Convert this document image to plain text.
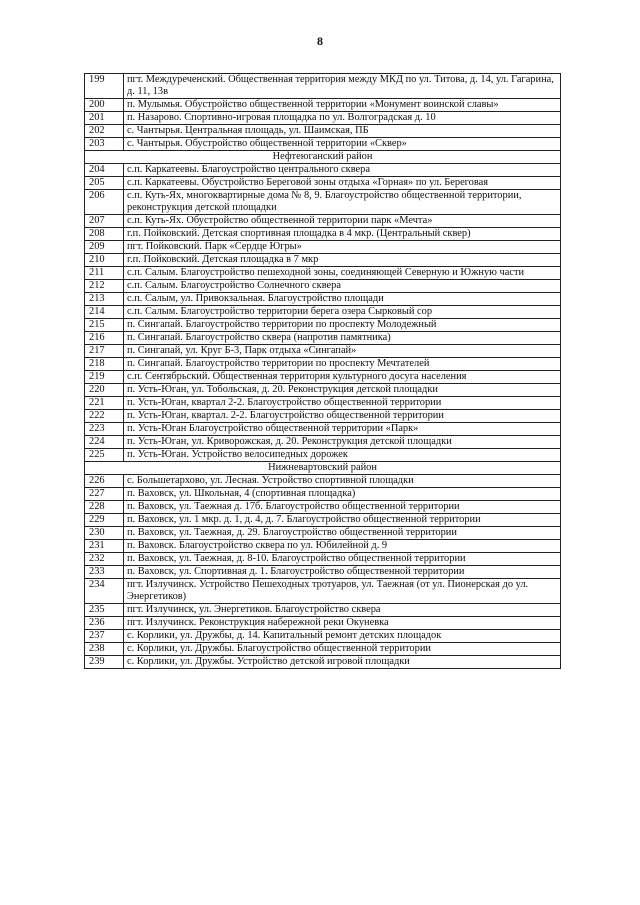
8
199	пгт. Междуреченский. Общественная территория между МКД по ул. Титова, д. 14, ул. Гагарина, д. 11, 13в
200	п. Мулымья. Обустройство общественной территории «Монумент воинской славы»
201	п. Назарово. Спортивно-игровая площадка по ул. Волгоградская д. 10
202	с. Чантырья. Центральная площадь, ул. Шаимская, ПБ
203	с. Чантырья. Обустройство общественной территории «Сквер»
Нефтеюганский район	
204	с.п. Каркатеевы. Благоустройство центрального сквера
205	с.п. Каркатеевы. Обустройство Береговой зоны отдыха «Горная» по ул. Береговая
206	с.п. Куть-Ях, многоквартирные дома № 8, 9. Благоустройство общественной территории, реконструкция детской площадки
207	с.п. Куть-Ях. Обустройство общественной территории парк «Мечта»
208	г.п. Пойковский. Детская спортивная площадка в 4 мкр. (Центральный сквер)
209	пгт. Пойковский. Парк «Сердце Югры»
210	г.п. Пойковский. Детская площадка в 7 мкр
211	с.п. Салым. Благоустройство пешеходной зоны, соединяющей Северную и Южную части
212	с.п. Салым. Благоустройство Солнечного сквера
213	с.п. Салым, ул. Привокзальная. Благоустройство площади
214	с.п. Салым. Благоустройство территории берега озера Сырковый сор
215	п. Сингапай. Благоустройство территории по проспекту Молодежный
216	п. Сингапай. Благоустройство сквера (напротив памятника)
217	п. Сингапай, ул. Круг Б-3, Парк отдыха «Сингапай»
218	п. Сингапай. Благоустройство территории по проспекту Мечтателей
219	с.п. Сентябрьский. Общественная территория культурного досуга населения
220	п. Усть-Юган, ул. Тобольская, д. 20. Реконструкция детской площадки
221	п. Усть-Юган, квартал 2-2. Благоустройство общественной территории
222	п. Усть-Юган, квартал. 2-2. Благоустройство общественной территории
223	п. Усть-Юган Благоустройство общественной территории «Парк»
224	п. Усть-Юган, ул. Криворожская, д. 20. Реконструкция детской площадки
225	п. Усть-Юган. Устройство велосипедных дорожек
Нижневартовский район	
226	с. Большетархово, ул. Лесная. Устройство спортивной площадки
227	п. Ваховск, ул. Школьная, 4 (спортивная площадка)
228	п. Ваховск, ул. Таежная д. 17б. Благоустройство общественной территории
229	п. Ваховск, ул. 1 мкр. д. 1, д. 4, д. 7. Благоустройство общественной территории
230	п. Ваховск, ул. Таежная, д. 29. Благоустройство общественной территории
231	п. Ваховск. Благоустройство сквера по ул. Юбилейной д. 9
232	п. Ваховск, ул. Таежная, д. 8-10. Благоустройство общественной территории
233	п. Ваховск, ул. Спортивная д. 1. Благоустройство общественной территории
234	пгт. Излучинск. Устройство Пешеходных тротуаров, ул. Таежная (от ул. Пионерская до ул. Энергетиков)
235	пгт. Излучинск, ул. Энергетиков. Благоустройство сквера
236	пгт. Излучинск. Реконструкция набережной реки Окуневка
237	с. Корлики, ул. Дружбы, д. 14. Капитальный ремонт детских площадок
238	с. Корлики, ул. Дружбы. Благоустройство общественной территории
239	с. Корлики, ул. Дружбы. Устройство детской игровой площадки
